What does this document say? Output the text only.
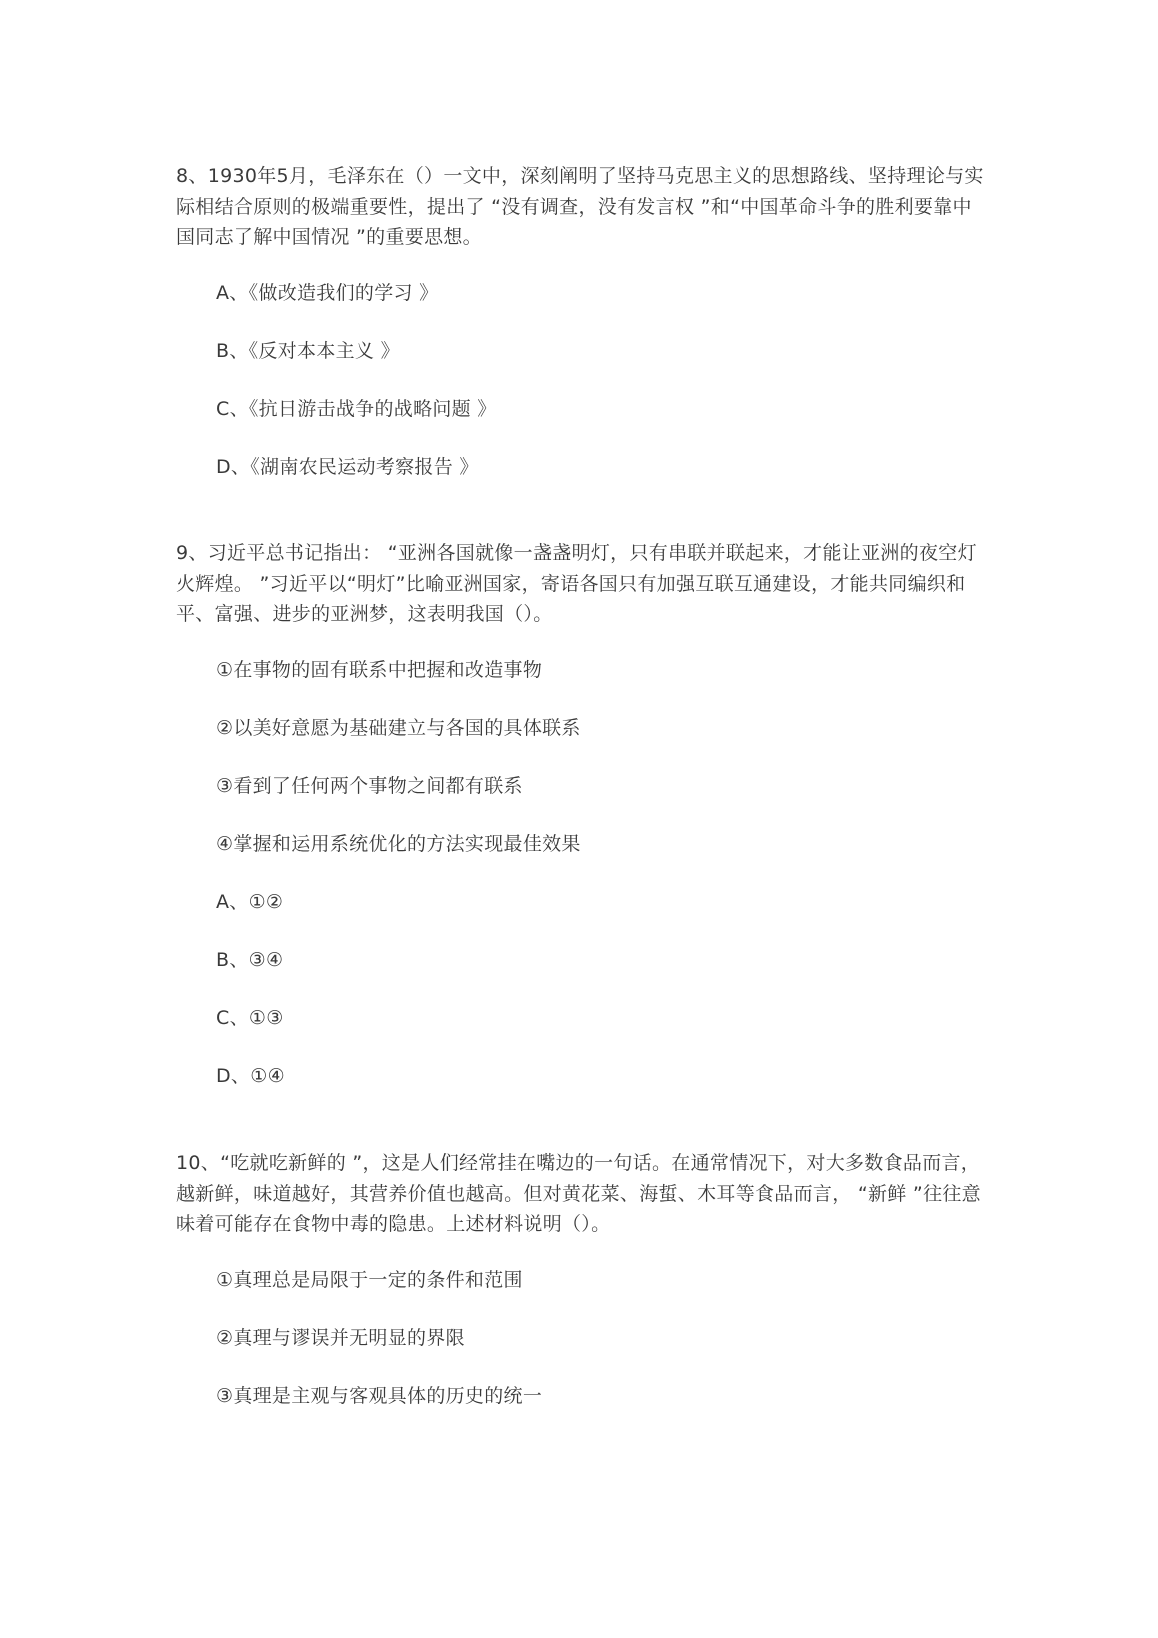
8、1930年5月，毛泽东在（）一文中，深刻阐明了坚持马克思主义的思想路线、坚持理论与实际相结合原则的极端重要性，提出了 “没有调查，没有发言权 ”和“中国革命斗争的胜利要靠中国同志了解中国情况 ”的重要思想。
A、《做改造我们的学习 》
B、《反对本本主义 》
C、《抗日游击战争的战略问题 》
D、《湖南农民运动考察报告 》
9、习近平总书记指出： “亚洲各国就像一盏盏明灯，只有串联并联起来，才能让亚洲的夜空灯火辉煌。 ”习近平以“明灯”比喻亚洲国家，寄语各国只有加强互联互通建设，才能共同编织和平、富强、进步的亚洲梦，这表明我国（）。
①在事物的固有联系中把握和改造事物
②以美好意愿为基础建立与各国的具体联系
③看到了任何两个事物之间都有联系
④掌握和运用系统优化的方法实现最佳效果
A、①②
B、③④
C、①③
D、①④
10、“吃就吃新鲜的 ”，这是人们经常挂在嘴边的一句话。在通常情况下，对大多数食品而言，越新鲜，味道越好，其营养价值也越高。但对黄花菜、海蜇、木耳等食品而言， “新鲜 ”往往意味着可能存在食物中毒的隐患。上述材料说明（）。
①真理总是局限于一定的条件和范围
②真理与谬误并无明显的界限
③真理是主观与客观具体的历史的统一
